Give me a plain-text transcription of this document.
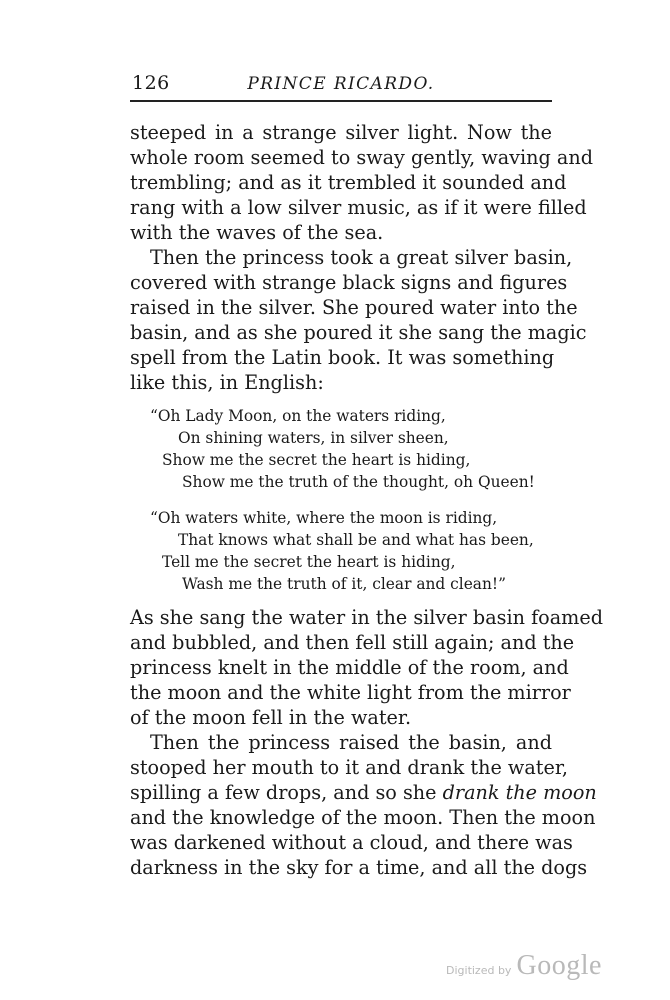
126	PRINCE RICARDO.
steeped in a strange silver light. Now the
whole room seemed to sway gently, waving and
trembling; and as it trembled it sounded and
rang with a low silver music, as if it were filled
with the waves of the sea.
Then the princess took a great silver basin,
covered with strange black signs and figures
raised in the silver. She poured water into the
basin, and as she poured it she sang the magic
spell from the Latin book. It was something
like this, in English:
“Oh Lady Moon, on the waters riding,
On shining waters, in silver sheen,
Show me the secret the heart is hiding,
Show me the truth of the thought, oh Queen!
“Oh waters white, where the moon is riding,
That knows what shall be and what has been,
Tell me the secret the heart is hiding,
Wash me the truth of it, clear and clean!”
As she sang the water in the silver basin foamed
and bubbled, and then fell still again; and the
princess knelt in the middle of the room, and
the moon and the white light from the mirror
of the moon fell in the water.
Then the princess raised the basin, and
stooped her mouth to it and drank the water,
spilling a few drops, and so she drank the moon
and the knowledge of the moon. Then the moon
was darkened without a cloud, and there was
darkness in the sky for a time, and all the dogs
Digitized by Google
